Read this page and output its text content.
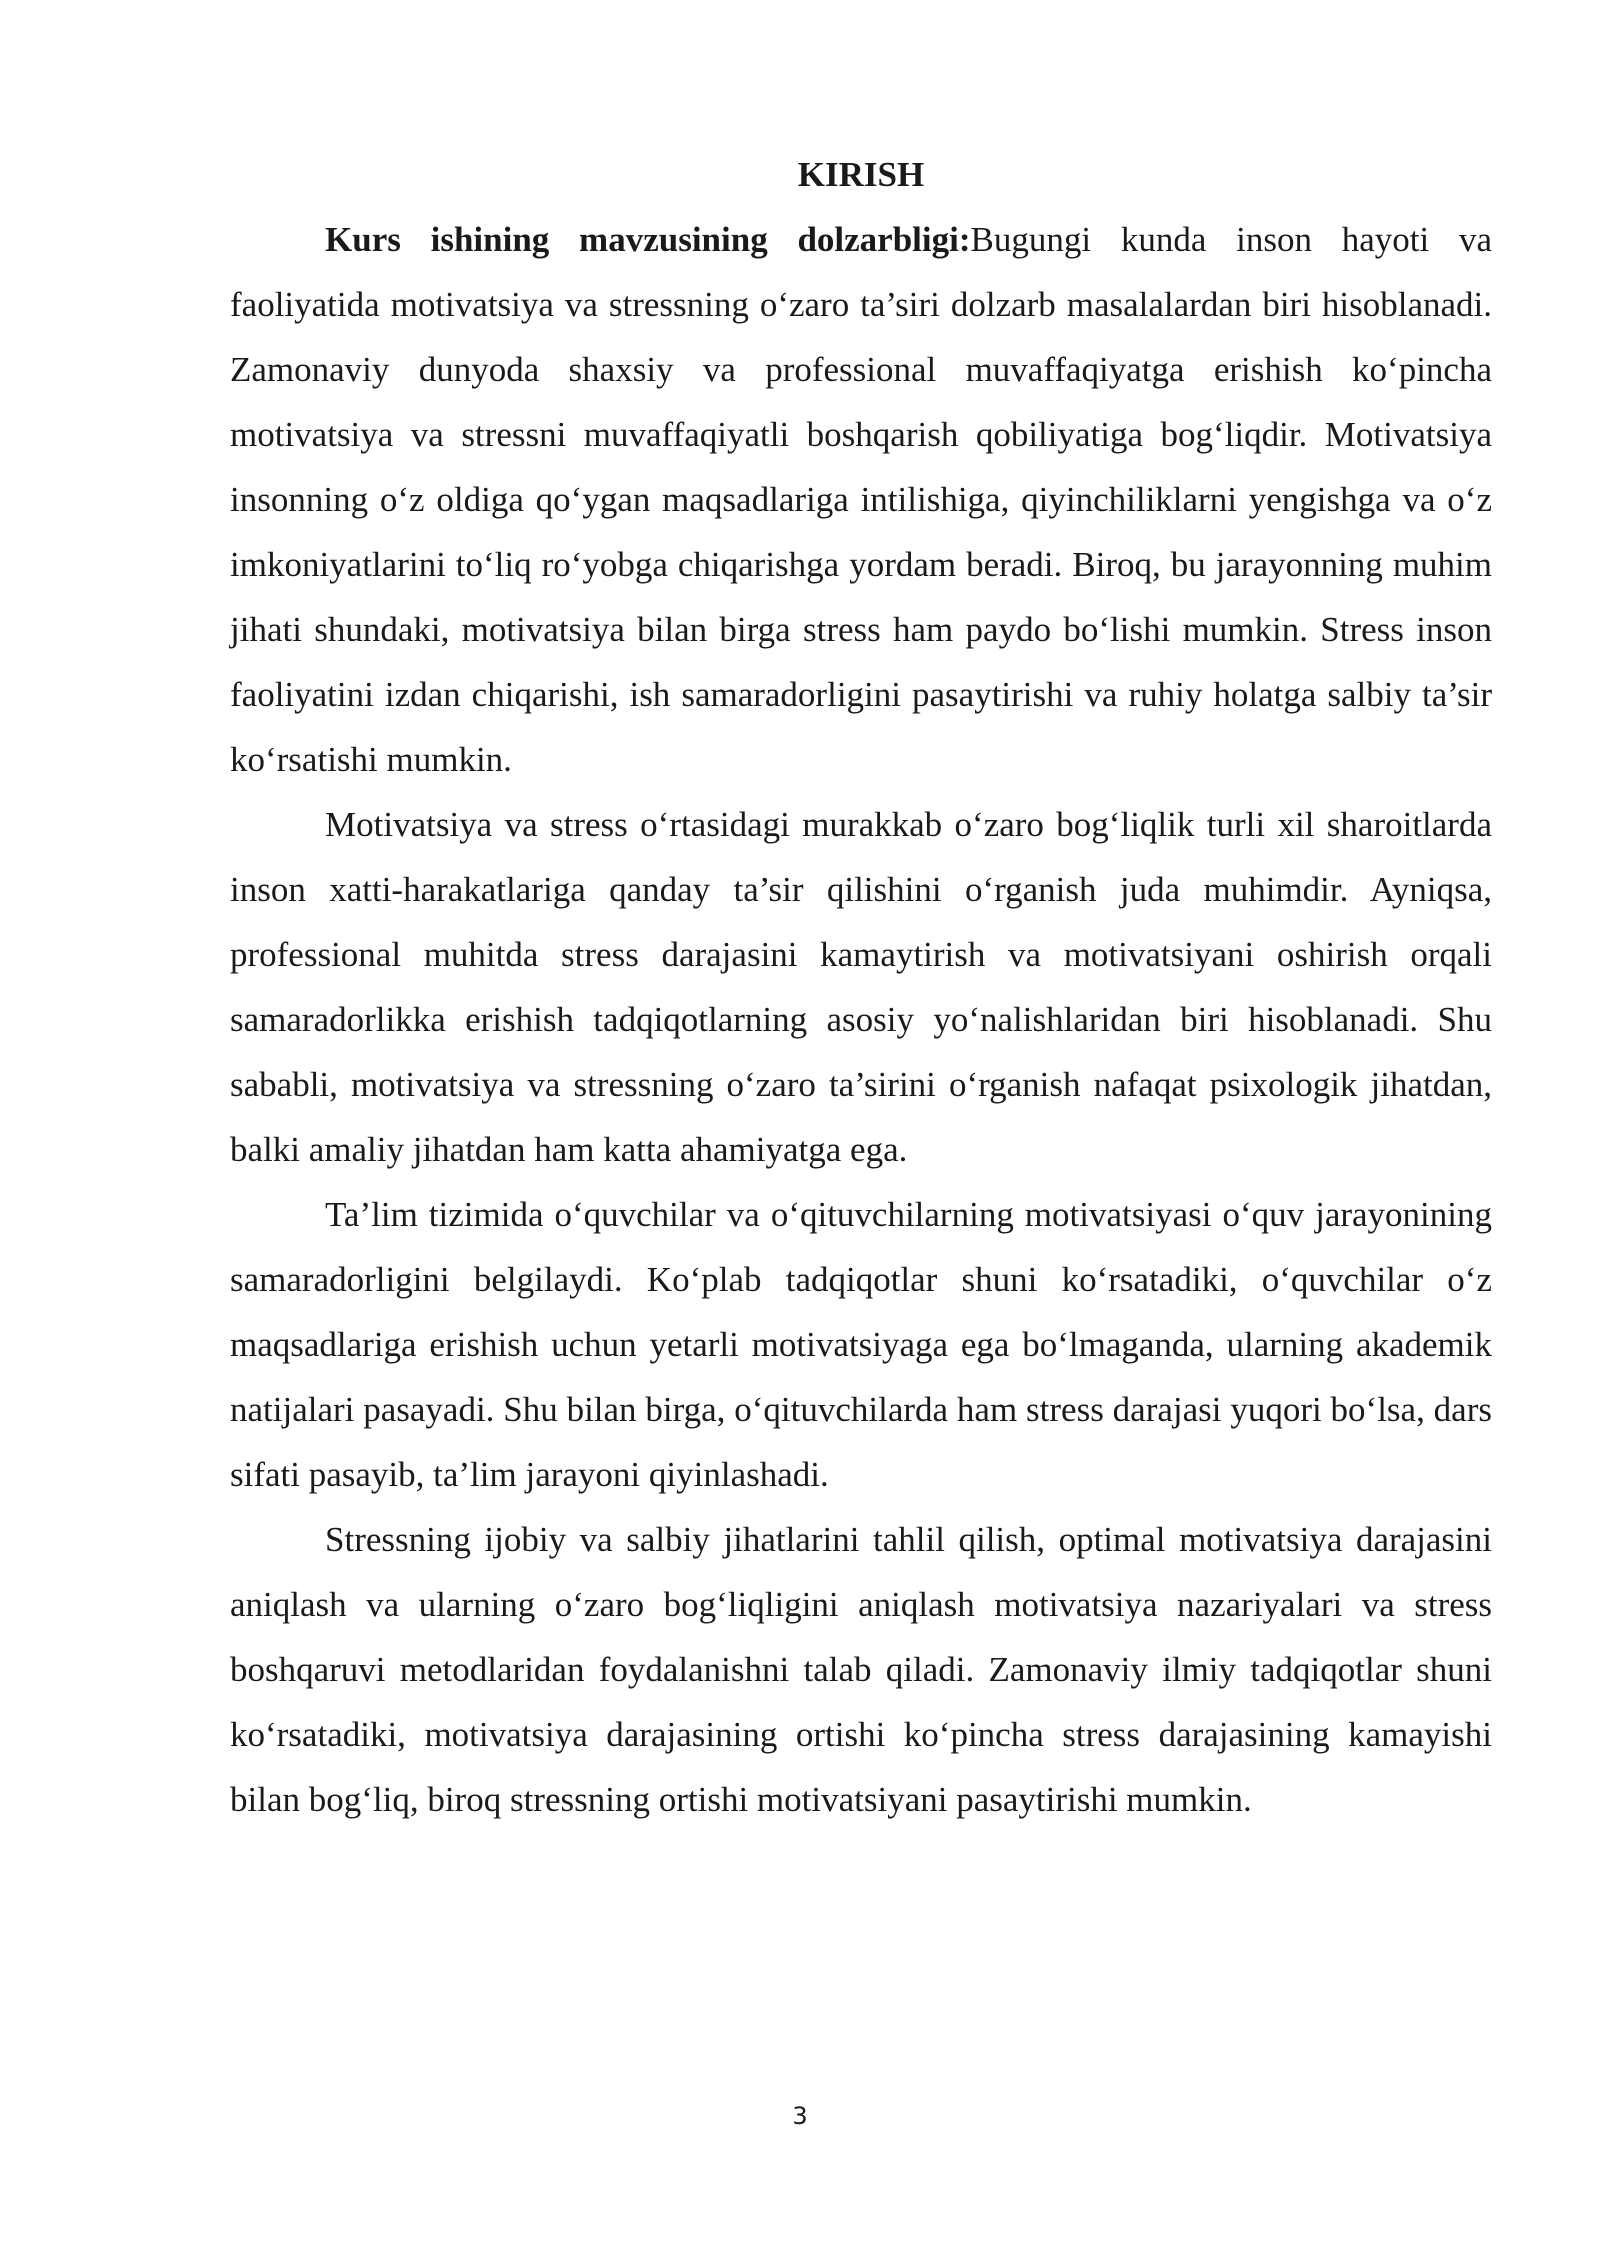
KIRISH

Kurs ishining mavzusining dolzarbligi:Bugungi kunda inson hayoti va faoliyatida motivatsiya va stressning o‘zaro ta’siri dolzarb masalalardan biri hisoblanadi. Zamonaviy dunyoda shaxsiy va professional muvaffaqiyatga erishish ko‘pincha motivatsiya va stressni muvaffaqiyatli boshqarish qobiliyatiga bog‘liqdir. Motivatsiya insonning o‘z oldiga qo‘ygan maqsadlariga intilishiga, qiyinchiliklarni yengishga va o‘z imkoniyatlarini to‘liq ro‘yobga chiqarishga yordam beradi. Biroq, bu jarayonning muhim jihati shundaki, motivatsiya bilan birga stress ham paydo bo‘lishi mumkin. Stress inson faoliyatini izdan chiqarishi, ish samaradorligini pasaytirishi va ruhiy holatga salbiy ta’sir ko‘rsatishi mumkin.

Motivatsiya va stress o‘rtasidagi murakkab o‘zaro bog‘liqlik turli xil sharoitlarda inson xatti-harakatlariga qanday ta’sir qilishini o‘rganish juda muhimdir. Ayniqsa, professional muhitda stress darajasini kamaytirish va motivatsiyani oshirish orqali samaradorlikka erishish tadqiqotlarning asosiy yo‘nalishlaridan biri hisoblanadi. Shu sababli, motivatsiya va stressning o‘zaro ta’sirini o‘rganish nafaqat psixologik jihatdan, balki amaliy jihatdan ham katta ahamiyatga ega.

Ta’lim tizimida o‘quvchilar va o‘qituvchilarning motivatsiyasi o‘quv jarayonining samaradorligini belgilaydi. Ko‘plab tadqiqotlar shuni ko‘rsatadiki, o‘quvchilar o‘z maqsadlariga erishish uchun yetarli motivatsiyaga ega bo‘lmaganda, ularning akademik natijalari pasayadi. Shu bilan birga, o‘qituvchilarda ham stress darajasi yuqori bo‘lsa, dars sifati pasayib, ta’lim jarayoni qiyinlashadi.

Stressning ijobiy va salbiy jihatlarini tahlil qilish, optimal motivatsiya darajasini aniqlash va ularning o‘zaro bog‘liqligini aniqlash motivatsiya nazariyalari va stress boshqaruvi metodlaridan foydalanishni talab qiladi. Zamonaviy ilmiy tadqiqotlar shuni ko‘rsatadiki, motivatsiya darajasining ortishi ko‘pincha stress darajasining kamayishi bilan bog‘liq, biroq stressning ortishi motivatsiyani pasaytirishi mumkin.

3
